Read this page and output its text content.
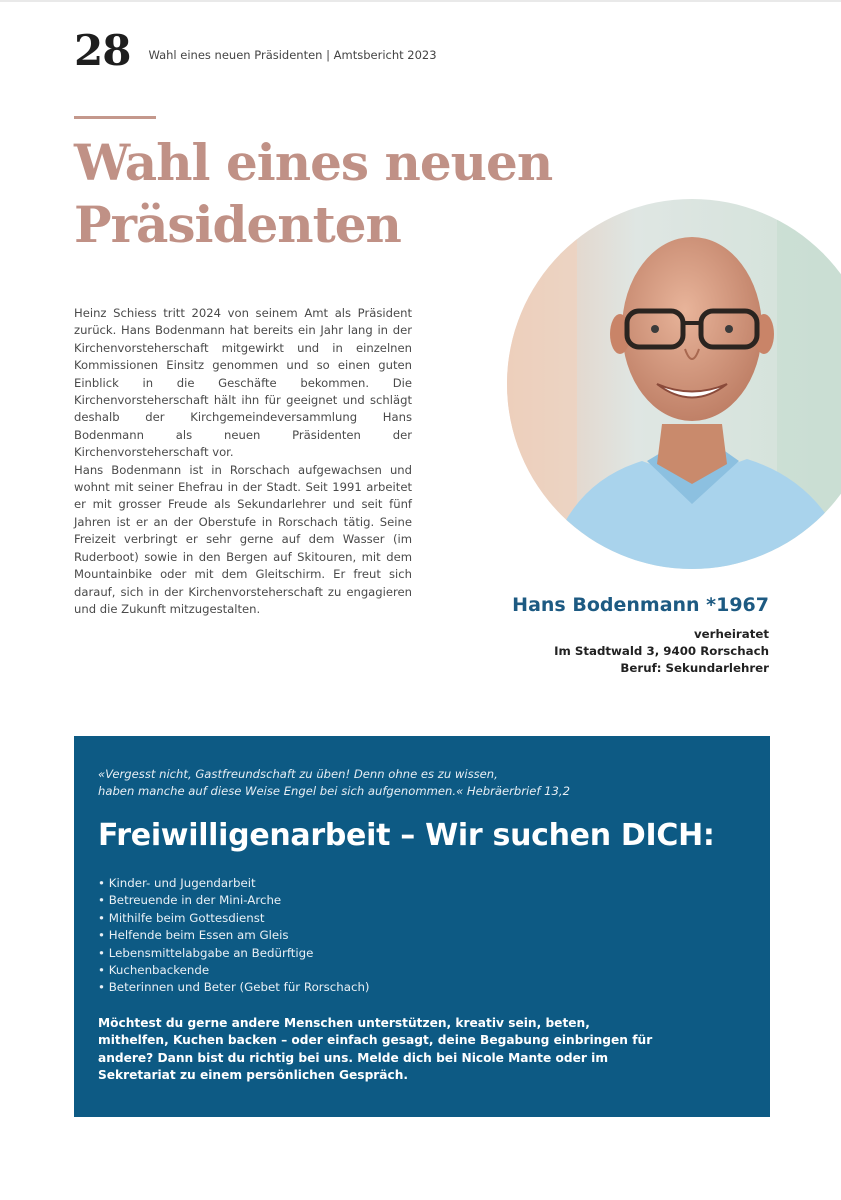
28 Wahl eines neuen Präsidenten | Amtsbericht 2023
Wahl eines neuen
Präsidenten

Heinz Schiess tritt 2024 von seinem Amt als Präsident zurück. Hans Bodenmann hat bereits ein Jahr lang in der Kirchenvorsteherschaft mitgewirkt und in einzelnen Kommissionen Einsitz genommen und so einen guten Einblick in die Geschäfte bekommen. Die Kirchenvorsteherschaft hält ihn für geeignet und schlägt deshalb der Kirchgemeindeversammlung Hans Bodenmann als neuen Präsidenten der Kirchenvorsteherschaft vor.

Hans Bodenmann ist in Rorschach aufgewachsen und wohnt mit seiner Ehefrau in der Stadt. Seit 1991 arbeitet er mit grosser Freude als Sekundarlehrer und seit fünf Jahren ist er an der Oberstufe in Rorschach tätig. Seine Freizeit verbringt er sehr gerne auf dem Wasser (im Ruderboot) sowie in den Bergen auf Skitouren, mit dem Mountainbike oder mit dem Gleitschirm. Er freut sich darauf, sich in der Kirchenvorsteherschaft zu engagieren und die Zukunft mitzugestalten.	Hans Bodenmann *1967
verheiratet
Im Stadtwald 3, 9400 Rorschach
Beruf: Sekundarlehrer
«Vergesst nicht, Gastfreundschaft zu üben! Denn ohne es zu wissen,
haben manche auf diese Weise Engel bei sich aufgenommen.« Hebräerbrief 13,2
Freiwilligenarbeit – Wir suchen DICH:
• Kinder- und Jugendarbeit
• Betreuende in der Mini-Arche
• Mithilfe beim Gottesdienst
• Helfende beim Essen am Gleis
• Lebensmittelabgabe an Bedürftige
• Kuchenbackende
• Beterinnen und Beter (Gebet für Rorschach)

Möchtest du gerne andere Menschen unterstützen, kreativ sein, beten, mithelfen, Kuchen backen – oder einfach gesagt, deine Begabung einbringen für andere? Dann bist du richtig bei uns. Melde dich bei Nicole Mante oder im Sekretariat zu einem persönlichen Gespräch.
